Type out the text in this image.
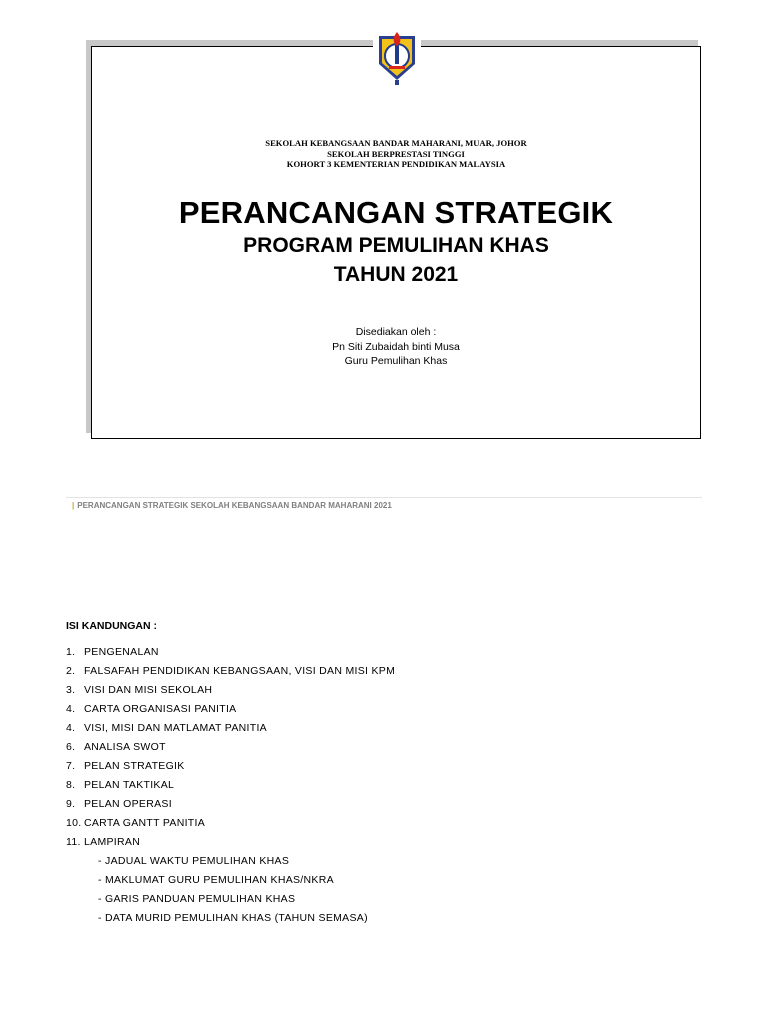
SEKOLAH KEBANGSAAN BANDAR MAHARANI, MUAR, JOHOR
SEKOLAH BERPRESTASI TINGGI
KOHORT 3 KEMENTERIAN PENDIDIKAN MALAYSIA
PERANCANGAN STRATEGIK
PROGRAM PEMULIHAN KHAS
TAHUN 2021
Disediakan oleh :
Pn Siti Zubaidah binti Musa
Guru Pemulihan Khas
| PERANCANGAN STRATEGIK SEKOLAH KEBANGSAAN BANDAR MAHARANI 2021
ISI KANDUNGAN :
1. PENGENALAN
2. FALSAFAH PENDIDIKAN KEBANGSAAN, VISI DAN MISI KPM
3. VISI DAN MISI SEKOLAH
4. CARTA ORGANISASI PANITIA
4. VISI, MISI DAN MATLAMAT PANITIA
6. ANALISA SWOT
7. PELAN STRATEGIK
8. PELAN TAKTIKAL
9. PELAN OPERASI
10. CARTA GANTT PANITIA
11. LAMPIRAN
- JADUAL WAKTU PEMULIHAN KHAS
- MAKLUMAT GURU PEMULIHAN KHAS/NKRA
- GARIS PANDUAN PEMULIHAN KHAS
- DATA MURID PEMULIHAN KHAS (TAHUN SEMASA)
